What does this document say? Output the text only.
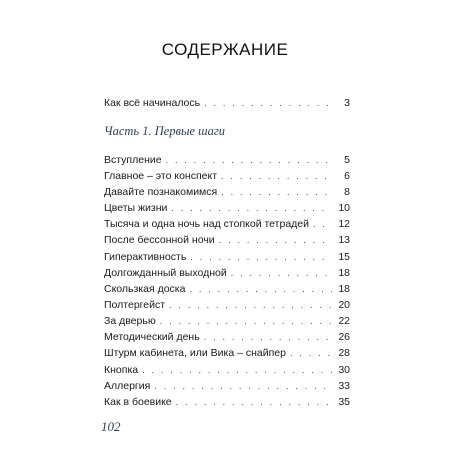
СОДЕРЖАНИЕ
Как всё начиналось . . .	3
Часть 1. Первые шаги
Вступление . . .	5
Главное – это конспект . . .	6
Давайте познакомимся . . .	8
Цветы жизни . . .	10
Тысяча и одна ночь над стопкой тетрадей . . .	12
После бессонной ночи . . .	13
Гиперактивность . . .	15
Долгожданный выходной . . .	18
Скользкая доска . . .	18
Полтергейст . . .	20
За дверью . . .	22
Методический день . . .	26
Штурм кабинета, или Вика – снайпер . . .	28
Кнопка . . .	30
Аллергия . . .	33
Как в боевике . . .	35
102
